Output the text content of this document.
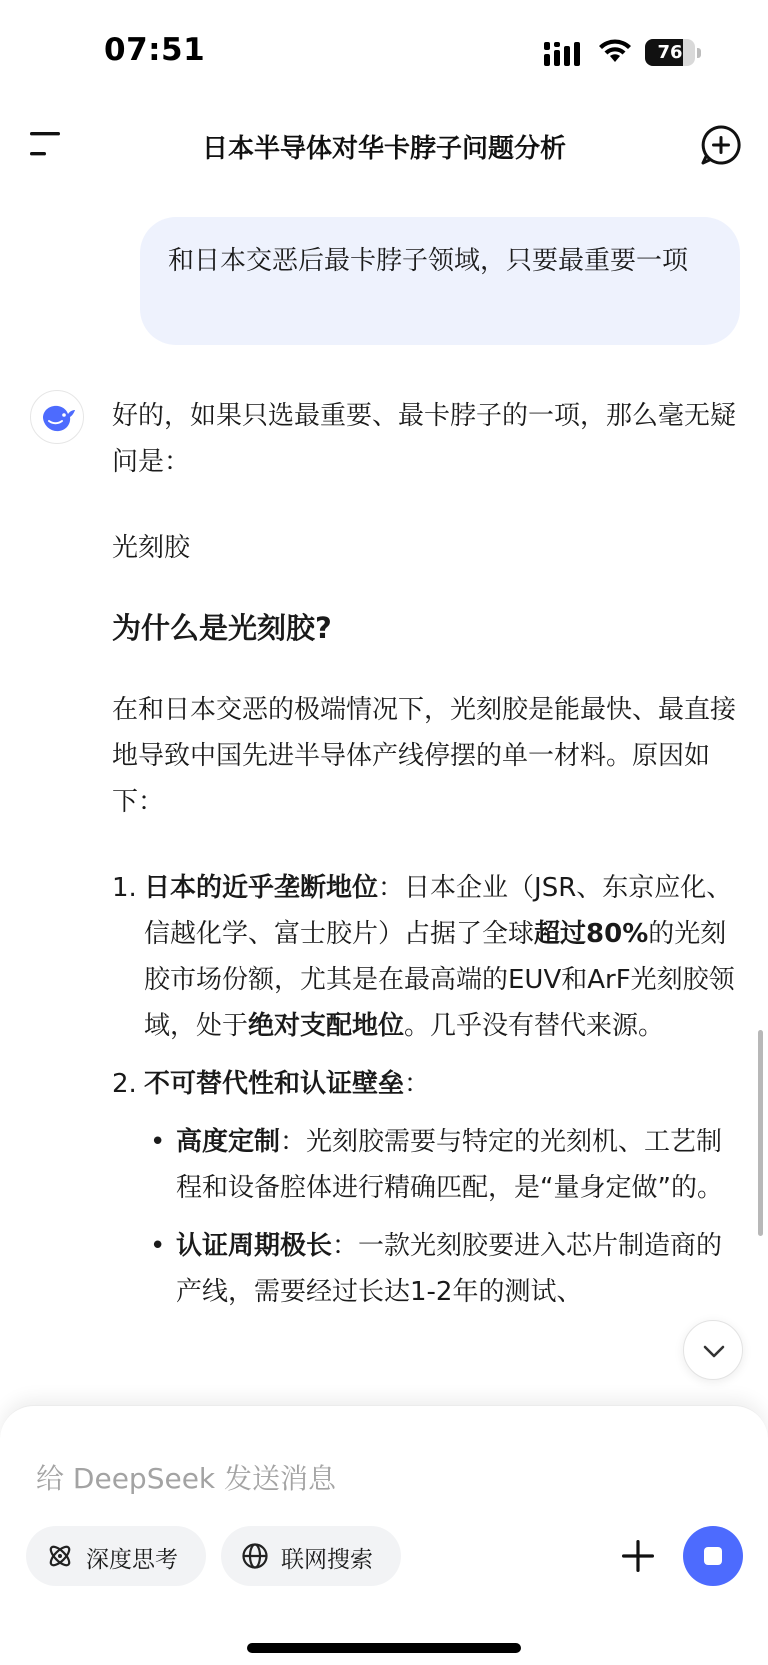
07:51	76
日本半导体对华卡脖子问题分析
和日本交恶后最卡脖子领域，只要最重要一项

好的，如果只选最重要、最卡脖子的一项，那么毫无疑问是：

光刻胶

为什么是光刻胶?

在和日本交恶的极端情况下，光刻胶是能最快、最直接地导致中国先进半导体产线停摆的单一材料。原因如下：

1. 日本的近乎垄断地位：日本企业（JSR、东京应化、信越化学、富士胶片）占据了全球超过80%的光刻胶市场份额，尤其是在最高端的EUV和ArF光刻胶领域，处于绝对支配地位。几乎没有替代来源。
2. 不可替代性和认证壁垒：
• 高度定制：光刻胶需要与特定的光刻机、工艺制程和设备腔体进行精确匹配，是“量身定做”的。
• 认证周期极长：一款光刻胶要进入芯片制造商的产线，需要经过长达1-2年的测试、
给 DeepSeek 发送消息
深度思考	联网搜索
